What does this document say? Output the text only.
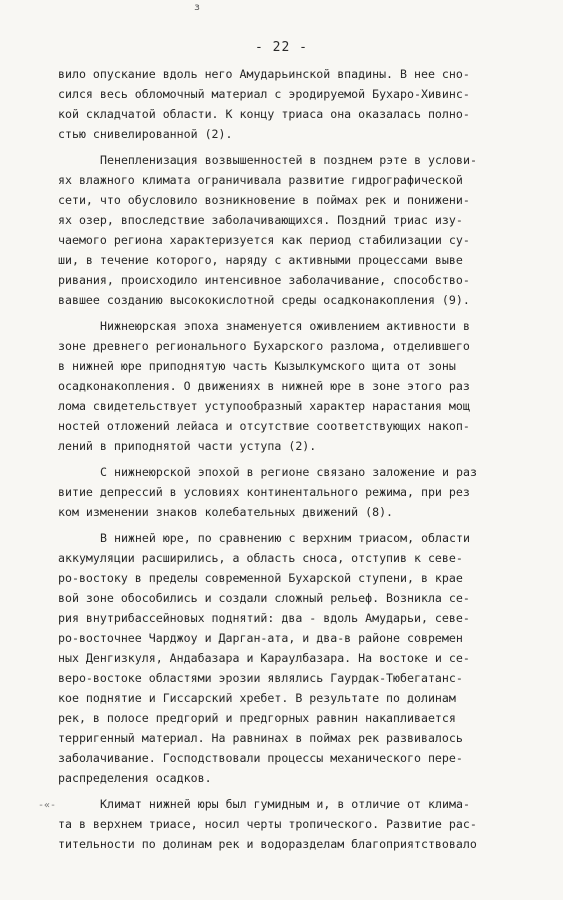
з
- 22 -
-«-
вило опускание вдоль него Амударьинской впадины. В нее сно-
сился весь обломочный материал с эродируемой Бухаро-Хивинс-
кой складчатой области. К концу триаса она оказалась полно-
стью снивелированной (2).
Пенепленизация возвышенностей в позднем рэте в услови-
ях влажного климата ограничивала развитие гидрографической
сети, что обусловило возникновение в поймах рек и понижени-
ях озер, впоследствие заболачивающихся. Поздний триас изу-
чаемого региона характеризуется как период стабилизации су-
ши, в течение которого, наряду с активными процессами выве
ривания, происходило интенсивное заболачивание, способство-
вавшее созданию высококислотной среды осадконакопления (9).
Нижнеюрская эпоха знаменуется оживлением активности в
зоне древнего регионального Бухарского разлома, отделившего
в нижней юре приподнятую часть Кызылкумского щита от зоны
осадконакопления. О движениях в нижней юре в зоне этого раз
лома свидетельствует уступообразный характер нарастания мощ
ностей отложений лейаса и отсутствие соответствующих накоп-
лений в приподнятой части уступа (2).
С нижнеюрской эпохой в регионе связано заложение и раз
витие депрессий в условиях континентального режима, при рез
ком изменении знаков колебательных движений (8).
В нижней юре, по сравнению с верхним триасом, области
аккумуляции расширились, а область сноса, отступив к севе-
ро-востоку в пределы современной Бухарской ступени, в крае
вой зоне обособились и создали сложный рельеф. Возникла се-
рия внутрибассейновых поднятий: два - вдоль Амударьи, севе-
ро-восточнее Чарджоу и Дарган-ата, и два-в районе современ
ных Денгизкуля, Андабазара и Караулбазара. На востоке и се-
веро-востоке областями эрозии являлись Гаурдак-Тюбегатанс-
кое поднятие и Гиссарский хребет. В результате по долинам
рек, в полосе предгорий и предгорных равнин накапливается
терригенный материал. На равнинах в поймах рек развивалось
заболачивание. Господствовали процессы механического пере-
распределения осадков.
Климат нижней юры был гумидным и, в отличие от клима-
та в верхнем триасе, носил черты тропического. Развитие рас-
тительности по долинам рек и водоразделам благоприятствовало
